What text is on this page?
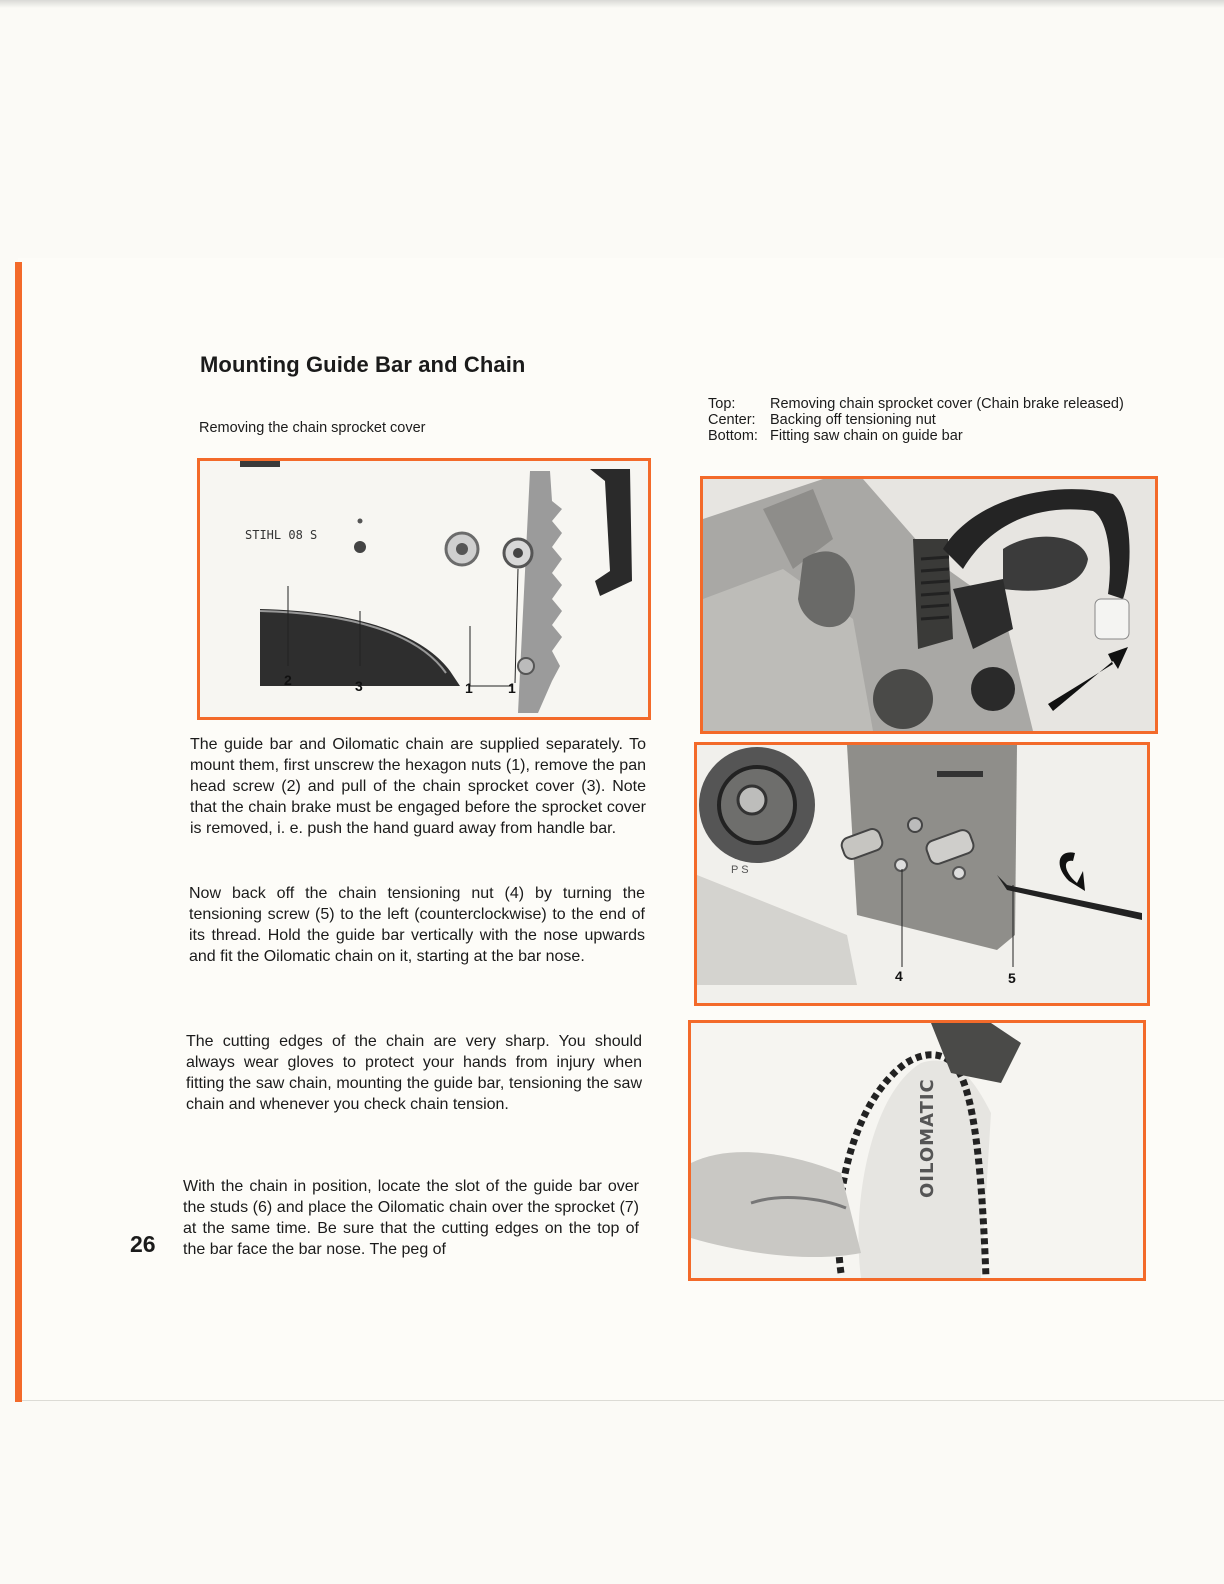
Mounting Guide Bar and Chain
Removing the chain sprocket cover
Top:	Removing chain sprocket cover (Chain brake released)
Center: Backing off tensioning nut
Bottom: Fitting saw chain on guide bar
STIHL 08 S
2	3	1	1
P S
4	5
OILOMATIC

The guide bar and Oilomatic chain are supplied separately. To mount them, first unscrew the hexagon nuts (1), remove the pan head screw (2) and pull of the chain sprocket cover (3). Note that the chain brake must be engaged before the sprocket cover is removed, i. e. push the hand guard away from handle bar.

Now back off the chain tensioning nut (4) by turning the tensioning screw (5) to the left (counterclockwise) to the end of its thread. Hold the guide bar vertically with the nose upwards and fit the Oilomatic chain on it, starting at the bar nose.

The cutting edges of the chain are very sharp. You should always wear gloves to protect your hands from injury when fitting the saw chain, mounting the guide bar, tensioning the saw chain and whenever you check chain tension.

With the chain in position, locate the slot of the guide bar over the studs (6) and place the Oilomatic chain over the sprocket (7) at the same time. Be sure that the cutting edges on the top of the bar face the bar nose. The peg of

26
